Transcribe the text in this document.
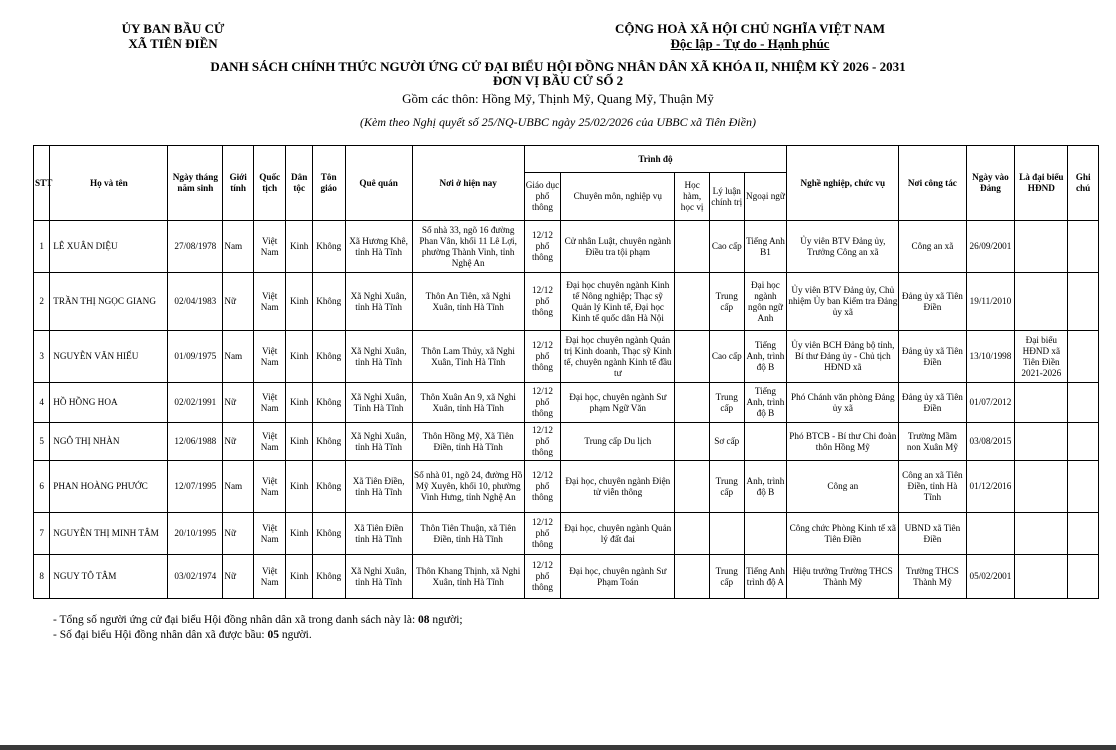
ỦY BAN BẦU CỬ
XÃ TIÊN ĐIỀN
CỘNG HOÀ XÃ HỘI CHỦ NGHĨA VIỆT NAM
Độc lập - Tự do - Hạnh phúc
DANH SÁCH CHÍNH THỨC NGƯỜI ỨNG CỬ ĐẠI BIỂU HỘI ĐỒNG NHÂN DÂN XÃ KHÓA II, NHIỆM KỲ 2026 - 2031
ĐƠN VỊ BẦU CỬ SỐ 2
Gồm các thôn: Hồng Mỹ, Thịnh Mỹ, Quang Mỹ, Thuận Mỹ
(Kèm theo Nghị quyết số 25/NQ-UBBC ngày 25/02/2026 của UBBC xã Tiên Điền)
STT	Họ và tên	Ngày tháng năm sinh	Giới tính	Quốc tịch	Dân tộc	Tôn giáo	Quê quán	Nơi ở hiện nay	Trình độ					Nghề nghiệp, chức vụ	Nơi công tác	Ngày vào Đảng	Là đại biểu HĐND	Ghi chú
									Giáo dục phổ thông	Chuyên môn, nghiệp vụ	Học hàm, học vị	Lý luận chính trị	Ngoại ngữ					
1	LÊ XUÂN DIỆU	27/08/1978	Nam	Việt Nam	Kinh	Không	Xã Hương Khê, tỉnh Hà Tĩnh	Số nhà 33, ngõ 16 đường Phan Vân, khối 11 Lê Lợi, phường Thành Vinh, tỉnh Nghệ An	12/12 phổ thông	Cử nhân Luật, chuyên ngành Điều tra tội phạm		Cao cấp	Tiếng Anh B1	Ủy viên BTV Đảng ủy, Trưởng Công an xã	Công an xã	26/09/2001		
2	TRẦN THỊ NGỌC GIANG	02/04/1983	Nữ	Việt Nam	Kinh	Không	Xã Nghi Xuân, tỉnh Hà Tĩnh	Thôn An Tiên, xã Nghi Xuân, tỉnh Hà Tĩnh	12/12 phổ thông	Đại học chuyên ngành Kinh tế Nông nghiệp; Thạc sỹ Quản lý Kinh tế, Đại học Kinh tế quốc dân Hà Nội		Trung cấp	Đại học ngành ngôn ngữ Anh	Ủy viên BTV Đảng ủy, Chủ nhiệm Ủy ban Kiểm tra Đảng ủy xã	Đảng ủy xã Tiên Điền	19/11/2010		
3	NGUYỄN VĂN HIẾU	01/09/1975	Nam	Việt Nam	Kinh	Không	Xã Nghi Xuân, tỉnh Hà Tĩnh	Thôn Lam Thủy, xã Nghi Xuân, Tỉnh Hà Tĩnh	12/12 phổ thông	Đại học chuyên ngành Quản trị Kinh doanh, Thạc sỹ Kinh tế, chuyên ngành Kinh tế đầu tư		Cao cấp	Tiếng Anh, trình độ B	Ủy viên BCH Đảng bộ tỉnh, Bí thư Đảng ủy - Chủ tịch HĐND xã	Đảng ủy xã Tiên Điền	13/10/1998	Đại biểu HĐND xã Tiên Điền 2021-2026	
4	HỒ HỒNG HOA	02/02/1991	Nữ	Việt Nam	Kinh	Không	Xã Nghi Xuân, Tỉnh Hà Tĩnh	Thôn Xuân An 9, xã Nghi Xuân, tỉnh Hà Tĩnh	12/12 phổ thông	Đại học, chuyên ngành Sư phạm Ngữ Văn		Trung cấp	Tiếng Anh, trình độ B	Phó Chánh văn phòng Đảng ủy xã	Đảng ủy xã Tiên Điền	01/07/2012		
5	NGÔ THỊ NHÀN	12/06/1988	Nữ	Việt Nam	Kinh	Không	Xã Nghi Xuân, tỉnh Hà Tĩnh	Thôn Hồng Mỹ, Xã Tiên Điền, tỉnh Hà Tĩnh	12/12 phổ thông	Trung cấp Du lịch		Sơ cấp		Phó BTCB - Bí thư Chi đoàn thôn Hồng Mỹ	Trường Mầm non Xuân Mỹ	03/08/2015		
6	PHAN HOÀNG PHƯỚC	12/07/1995	Nam	Việt Nam	Kinh	Không	Xã Tiên Điền, tỉnh Hà Tĩnh	Số nhà 01, ngõ 24, đường Hồ Mỹ Xuyên, khối 10, phường Vinh Hưng, tỉnh Nghệ An	12/12 phổ thông	Đại học, chuyên ngành Điện tử viễn thông		Trung cấp	Anh, trình độ B	Công an	Công an xã Tiên Điền, tỉnh Hà Tĩnh	01/12/2016		
7	NGUYỄN THỊ MINH TÂM	20/10/1995	Nữ	Việt Nam	Kinh	Không	Xã Tiên Điền tỉnh Hà Tĩnh	Thôn Tiên Thuận, xã Tiên Điền, tỉnh Hà Tĩnh	12/12 phổ thông	Đại học, chuyên ngành Quản lý đất đai				Công chức Phòng Kinh tế xã Tiên Điền	UBND xã Tiên Điền			
8	NGUY TÔ TÂM	03/02/1974	Nữ	Việt Nam	Kinh	Không	Xã Nghi Xuân, tỉnh Hà Tĩnh	Thôn Khang Thịnh, xã Nghi Xuân, tỉnh Hà Tĩnh	12/12 phổ thông	Đại học, chuyên ngành Sư Phạm Toán		Trung cấp	Tiếng Anh trình độ A	Hiệu trưởng Trường THCS Thành Mỹ	Trường THCS Thành Mỹ	05/02/2001		
- Tổng số người ứng cử đại biểu Hội đồng nhân dân xã trong danh sách này là: 08 người;
- Số đại biểu Hội đồng nhân dân xã được bầu: 05 người.
